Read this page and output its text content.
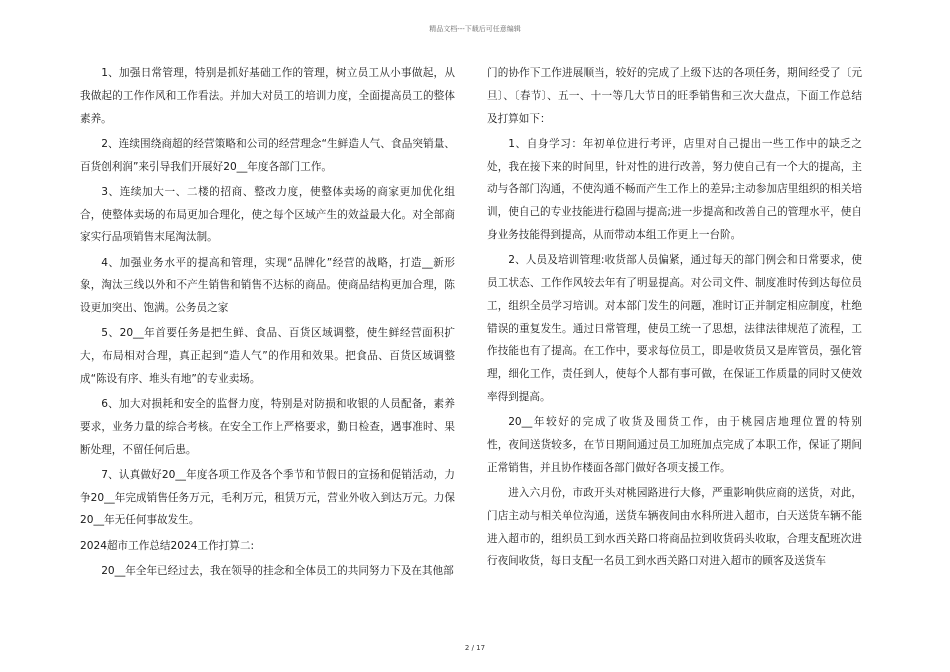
精品文档---下载后可任意编辑

1、加强日常管理，特别是抓好基础工作的管理，树立员工从小事做起，从我做起的工作作风和工作看法。并加大对员工的培训力度，全面提高员工的整体素养。

2、连续围绕商超的经营策略和公司的经营理念“生鲜造人气、食品突销量、百货创利润”来引导我们开展好20__年度各部门工作。

3、连续加大一、二楼的招商、整改力度，使整体卖场的商家更加优化组合，使整体卖场的布局更加合理化，使之每个区域产生的效益最大化。对全部商家实行品项销售末尾淘汰制。

4、加强业务水平的提高和管理，实现“品牌化”经营的战略，打造__新形象，淘汰三线以外和不产生销售和销售不达标的商品。使商品结构更加合理，陈设更加突出、饱满。公务员之家

5、20__年首要任务是把生鲜、食品、百货区域调整，使生鲜经营面积扩大，布局相对合理，真正起到“造人气”的作用和效果。把食品、百货区域调整成“陈设有序、堆头有地”的专业卖场。

6、加大对损耗和安全的监督力度，特别是对防损和收银的人员配备，素养要求，业务力量的综合考核。在安全工作上严格要求，勤日检查，遇事准时、果断处理，不留任何后患。

7、认真做好20__年度各项工作及各个季节和节假日的宣扬和促销活动，力争20__年完成销售任务万元，毛利万元，租赁万元，营业外收入到达万元。力保20__年无任何事故发生。

2024超市工作总结2024工作打算二:

20__年全年已经过去，我在领导的挂念和全体员工的共同努力下及在其他部

门的协作下工作进展顺当，较好的完成了上级下达的各项任务，期间经受了〔元旦〕、〔春节〕、五一、十一等几大节日的旺季销售和三次大盘点，下面工作总结及打算如下：

1、自身学习：年初单位进行考评，店里对自己提出一些工作中的缺乏之处，我在接下来的时间里，针对性的进行改善，努力使自己有一个大的提高，主动与各部门沟通，不使沟通不畅而产生工作上的差异;主动参加店里组织的相关培训，使自己的专业技能进行稳固与提高;进一步提高和改善自己的管理水平，使自身业务技能得到提高，从而带动本组工作更上一台阶。

2、人员及培训管理:收货部人员偏紧，通过每天的部门例会和日常要求，使员工状态、工作作风较去年有了明显提高。对公司文件、制度准时传到达每位员工，组织全员学习培训。对本部门发生的问题，准时订正并制定相应制度，杜绝错误的重复发生。通过日常管理，使员工统一了思想，法律法律规范了流程，工作技能也有了提高。在工作中，要求每位员工，即是收货员又是库管员，强化管理，细化工作，责任到人，使每个人都有事可做，在保证工作质量的同时又使效率得到提高。

20__年较好的完成了收货及囤货工作，由于桃园店地理位置的特别　　　性，夜间送货较多，在节日期间通过员工加班加点完成了本职工作，保证了期间正常销售，并且协作楼面各部门做好各项支援工作。

进入六月份，市政开头对桃园路进行大修，严重影响供应商的送货，对此，门店主动与相关单位沟通，送货车辆夜间由水科所进入超市，白天送货车辆不能进入超市的，组织员工到水西关路口将商品拉到收货码头收取，合理支配班次进行夜间收货，每日支配一名员工到水西关路口对进入超市的顾客及送货车

2 / 17
